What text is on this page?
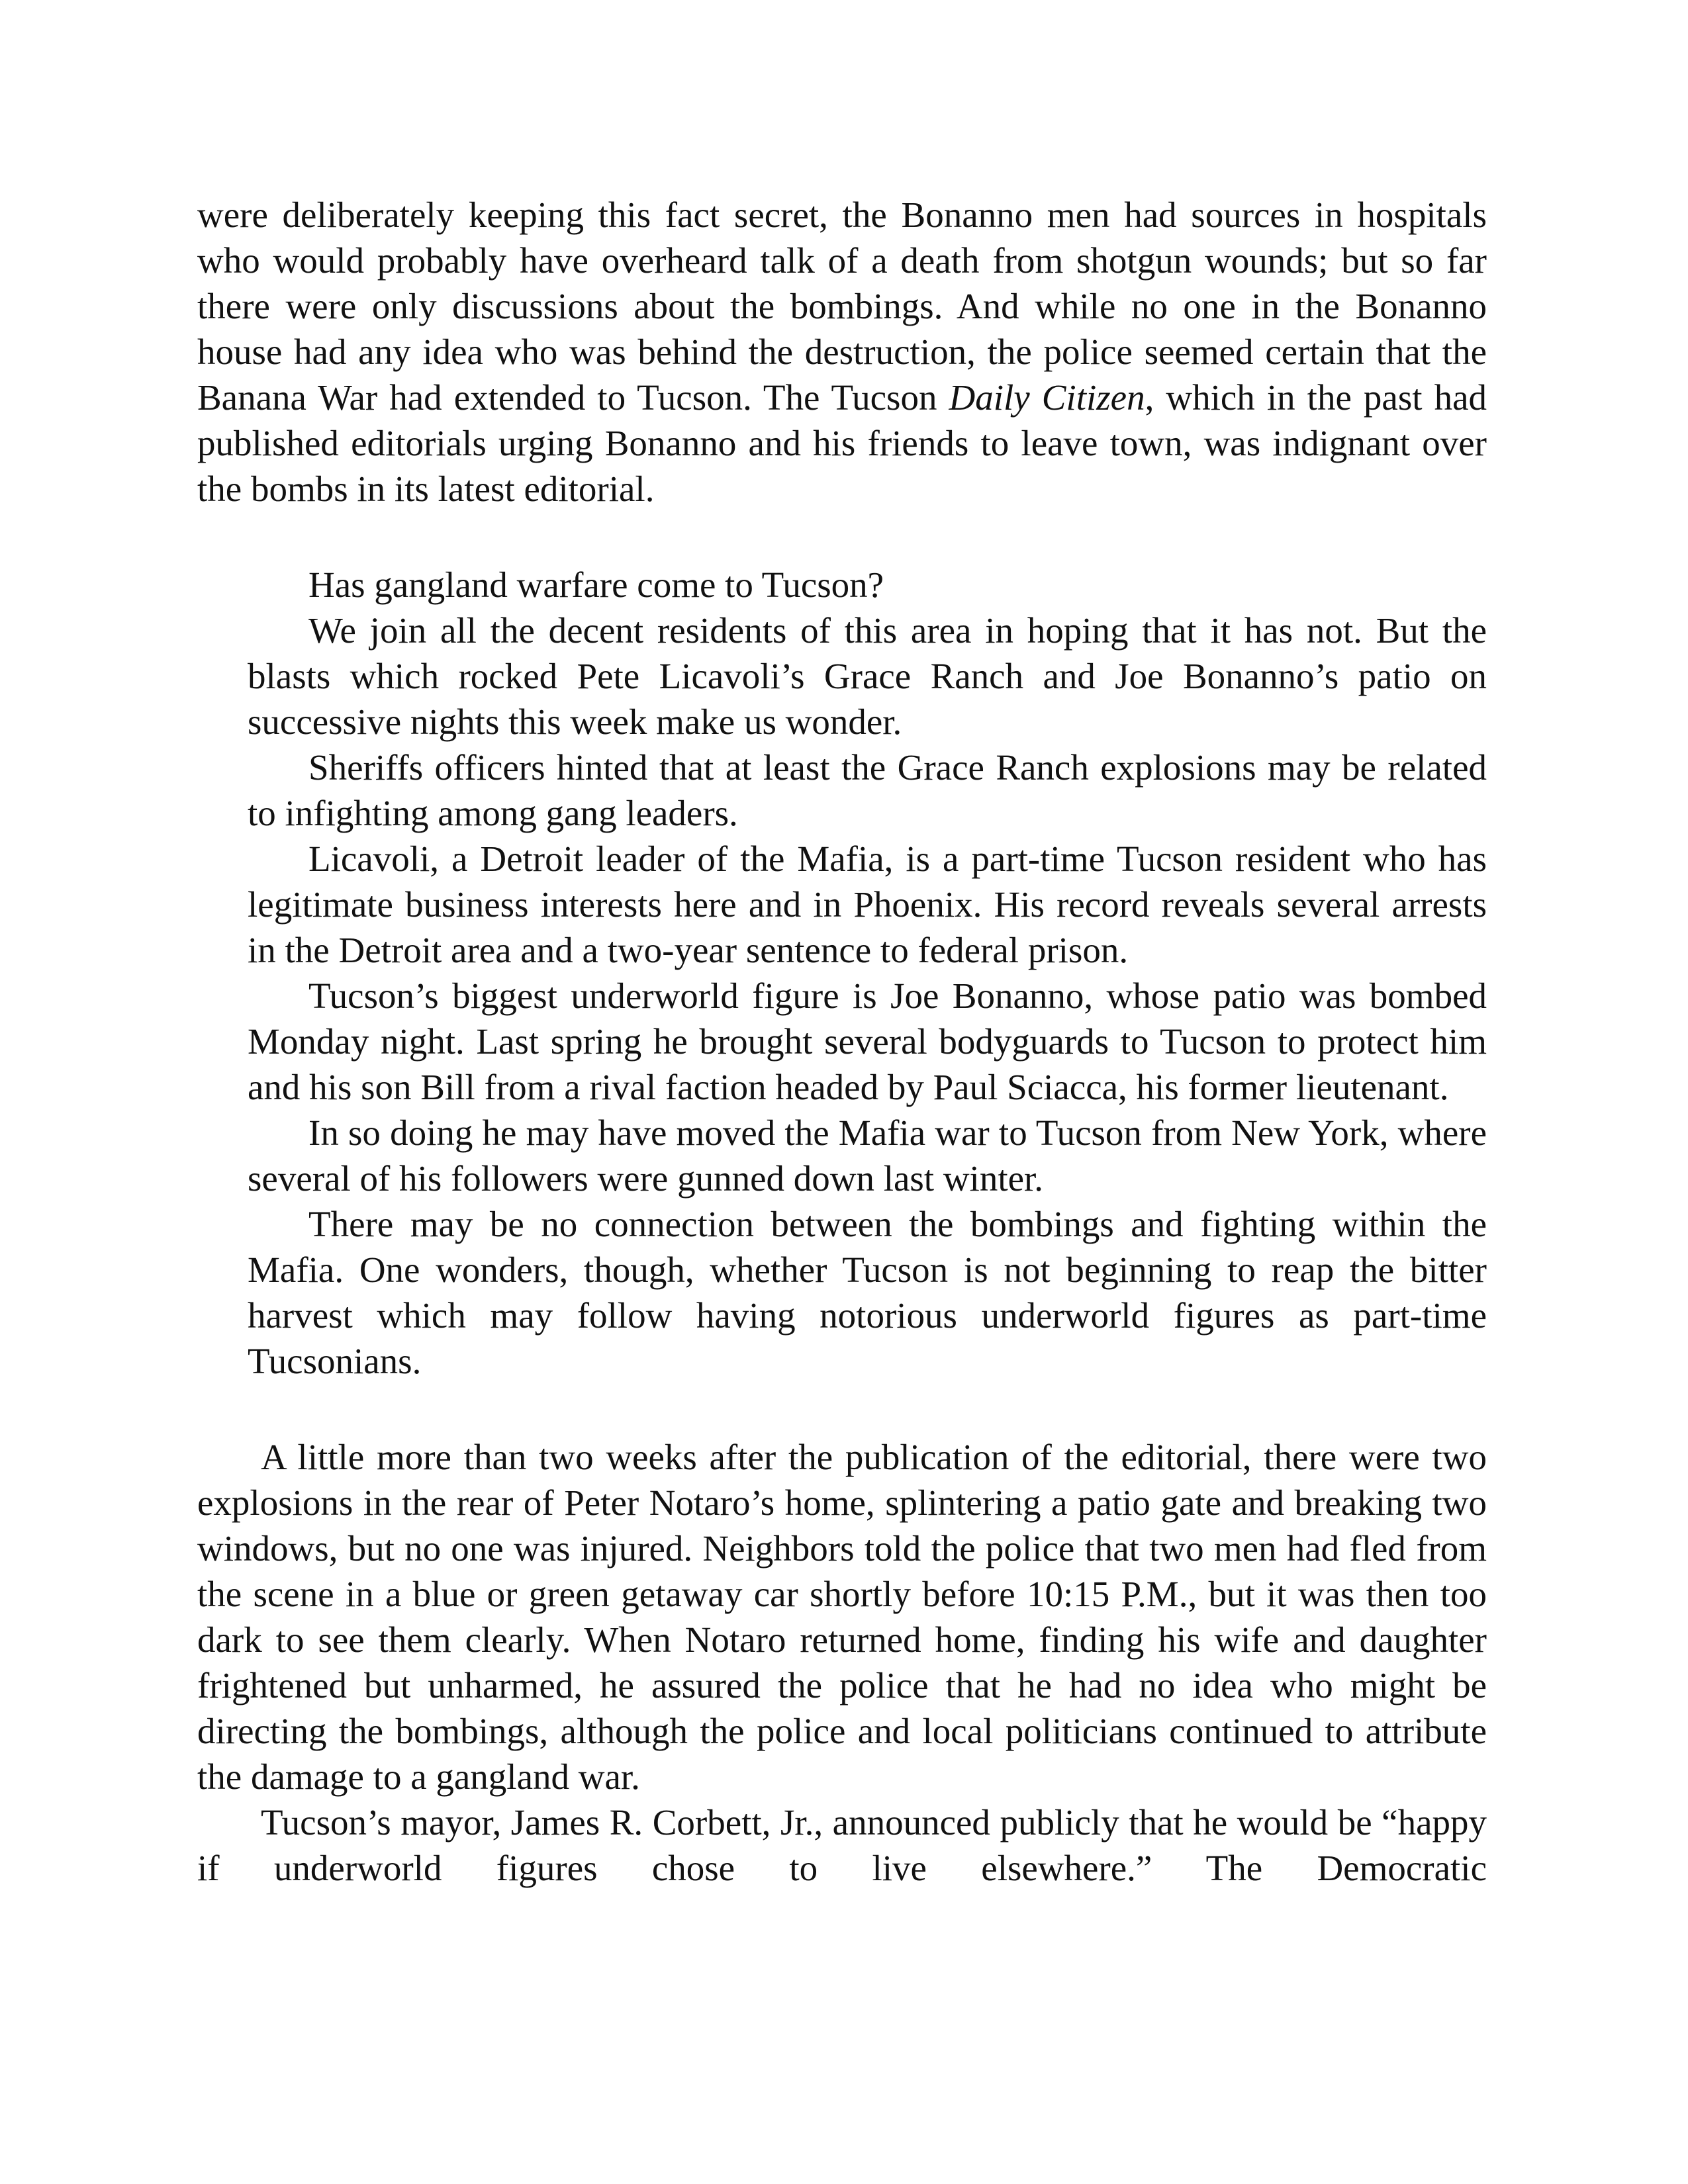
were deliberately keeping this fact secret, the Bonanno men had sources in hospitals who would probably have overheard talk of a death from shotgun wounds; but so far there were only discussions about the bombings. And while no one in the Bonanno house had any idea who was behind the destruction, the police seemed certain that the Banana War had extended to Tucson. The Tucson Daily Citizen, which in the past had published editorials urging Bonanno and his friends to leave town, was indignant over the bombs in its latest editorial.

Has gangland warfare come to Tucson?

We join all the decent residents of this area in hoping that it has not. But the blasts which rocked Pete Licavoli’s Grace Ranch and Joe Bonanno’s patio on successive nights this week make us wonder.

Sheriffs officers hinted that at least the Grace Ranch explosions may be related to infighting among gang leaders.

Licavoli, a Detroit leader of the Mafia, is a part-time Tucson resident who has legitimate business interests here and in Phoenix. His record reveals several arrests in the Detroit area and a two-year sentence to federal prison.

Tucson’s biggest underworld figure is Joe Bonanno, whose patio was bombed Monday night. Last spring he brought several bodyguards to Tucson to protect him and his son Bill from a rival faction headed by Paul Sciacca, his former lieutenant.

In so doing he may have moved the Mafia war to Tucson from New York, where several of his followers were gunned down last winter.

There may be no connection between the bombings and fighting within the Mafia. One wonders, though, whether Tucson is not beginning to reap the bitter harvest which may follow having notorious underworld figures as part-time Tucsonians.

A little more than two weeks after the publication of the editorial, there were two explosions in the rear of Peter Notaro’s home, splintering a patio gate and breaking two windows, but no one was injured. Neighbors told the police that two men had fled from the scene in a blue or green getaway car shortly before 10:15 P.M., but it was then too dark to see them clearly. When Notaro returned home, finding his wife and daughter frightened but unharmed, he assured the police that he had no idea who might be directing the bombings, although the police and local politicians continued to attribute the damage to a gangland war.

Tucson’s mayor, James R. Corbett, Jr., announced publicly that he would be “happy if underworld figures chose to live elsewhere.” The Democratic
